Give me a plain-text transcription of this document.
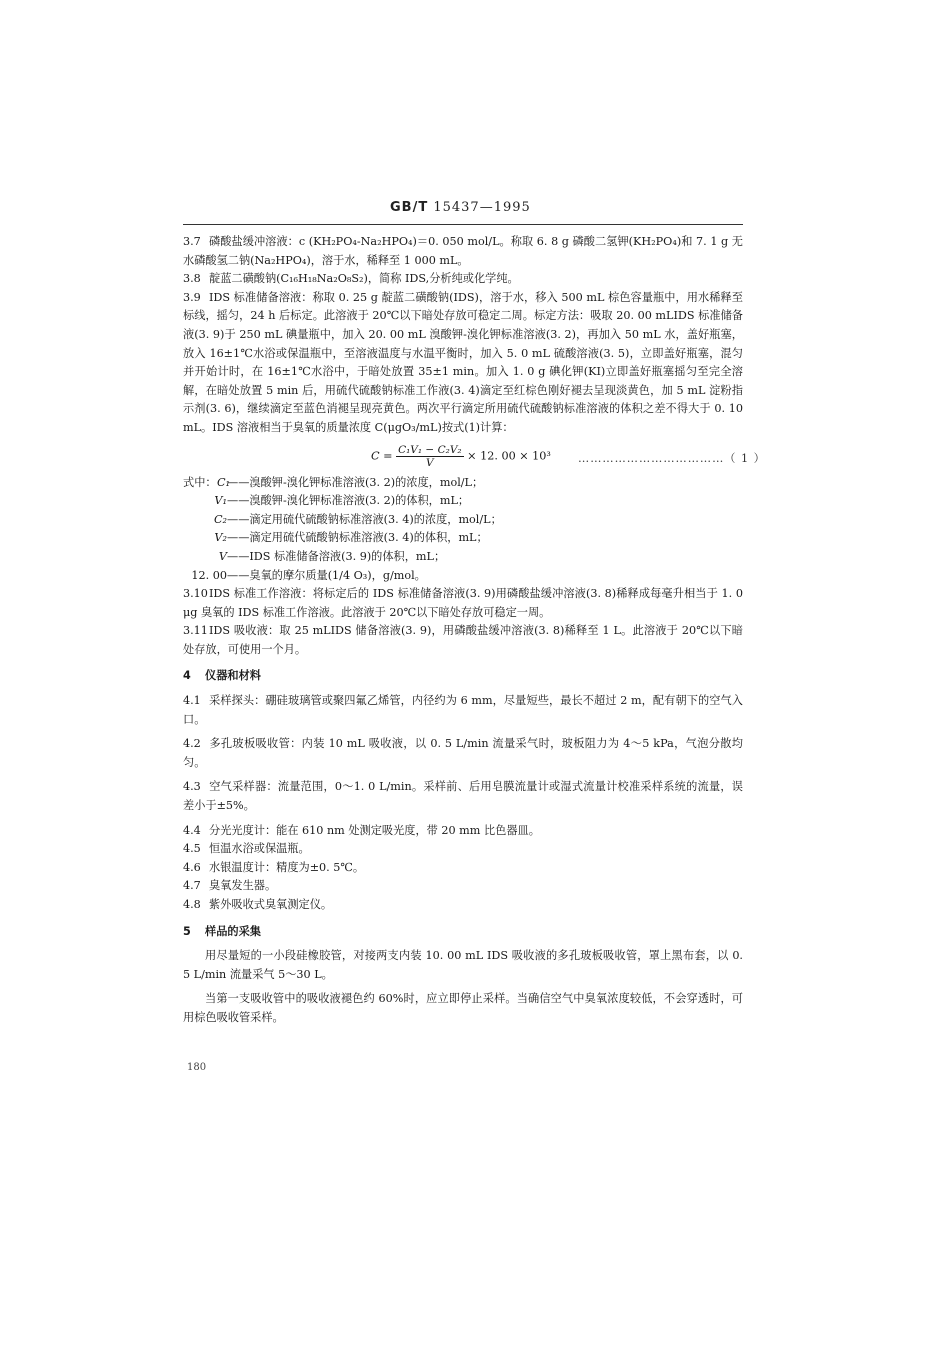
GB/T 15437—1995

3.7 磷酸盐缓冲溶液：c (KH₂PO₄-Na₂HPO₄)＝0. 050 mol/L。称取 6. 8 g 磷酸二氢钾(KH₂PO₄)和 7. 1 g 无水磷酸氢二钠(Na₂HPO₄)，溶于水，稀释至 1 000 mL。

3.8 靛蓝二磺酸钠(C₁₆H₁₈Na₂O₈S₂)，简称 IDS,分析纯或化学纯。

3.9 IDS 标准储备溶液：称取 0. 25 g 靛蓝二磺酸钠(IDS)，溶于水，移入 500 mL 棕色容量瓶中，用水稀释至标线，摇匀，24 h 后标定。此溶液于 20℃以下暗处存放可稳定二周。标定方法：吸取 20. 00 mLIDS 标准储备液(3. 9)于 250 mL 碘量瓶中，加入 20. 00 mL 溴酸钾-溴化钾标准溶液(3. 2)，再加入 50 mL 水，盖好瓶塞，放入 16±1℃水浴或保温瓶中，至溶液温度与水温平衡时，加入 5. 0 mL 硫酸溶液(3. 5)，立即盖好瓶塞，混匀并开始计时，在 16±1℃水浴中，于暗处放置 35±1 min。加入 1. 0 g 碘化钾(KI)立即盖好瓶塞摇匀至完全溶解，在暗处放置 5 min 后，用硫代硫酸钠标准工作液(3. 4)滴定至红棕色刚好褪去呈现淡黄色，加 5 mL 淀粉指示剂(3. 6)，继续滴定至蓝色消褪呈现亮黄色。两次平行滴定所用硫代硫酸钠标准溶液的体积之差不得大于 0. 10 mL。IDS 溶液相当于臭氧的质量浓度 C(μgO₃/mL)按式(1)计算：

$C = \frac{\text{C₁V₁ − C₂V₂}}{V} \times 12$. 00 × 10³ ………………………………（ 1 ）
式中：C₁——溴酸钾-溴化钾标准溶液(3. 2)的浓度，mol/L；
V₁——溴酸钾-溴化钾标准溶液(3. 2)的体积，mL；
C₂——滴定用硫代硫酸钠标准溶液(3. 4)的浓度，mol/L；
V₂——滴定用硫代硫酸钠标准溶液(3. 4)的体积，mL；
V——IDS 标准储备溶液(3. 9)的体积，mL；
12. 00——臭氧的摩尔质量(1/4 O₃)，g/mol。

3.10IDS 标准工作溶液：将标定后的 IDS 标准储备溶液(3. 9)用磷酸盐缓冲溶液(3. 8)稀释成每毫升相当于 1. 0 μg 臭氧的 IDS 标准工作溶液。此溶液于 20℃以下暗处存放可稳定一周。

3.11IDS 吸收液：取 25 mLIDS 储备溶液(3. 9)，用磷酸盐缓冲溶液(3. 8)稀释至 1 L。此溶液于 20℃以下暗处存放，可使用一个月。

4 仪器和材料

4.1 采样探头：硼硅玻璃管或聚四氟乙烯管，内径约为 6 mm，尽量短些，最长不超过 2 m，配有朝下的空气入口。

4.2 多孔玻板吸收管：内装 10 mL 吸收液，以 0. 5 L/min 流量采气时，玻板阻力为 4～5 kPa，气泡分散均匀。

4.3 空气采样器：流量范围，0～1. 0 L/min。采样前、后用皂膜流量计或湿式流量计校准采样系统的流量，误差小于±5%。

4.4 分光光度计：能在 610 nm 处测定吸光度，带 20 mm 比色器皿。

4.5 恒温水浴或保温瓶。

4.6 水银温度计：精度为±0. 5℃。

4.7 臭氧发生器。

4.8 紫外吸收式臭氧测定仪。

5 样品的采集

用尽量短的一小段硅橡胶管，对接两支内装 10. 00 mL IDS 吸收液的多孔玻板吸收管，罩上黑布套，以 0. 5 L/min 流量采气 5～30 L。

当第一支吸收管中的吸收液褪色约 60%时，应立即停止采样。当确信空气中臭氧浓度较低，不会穿透时，可用棕色吸收管采样。

180
